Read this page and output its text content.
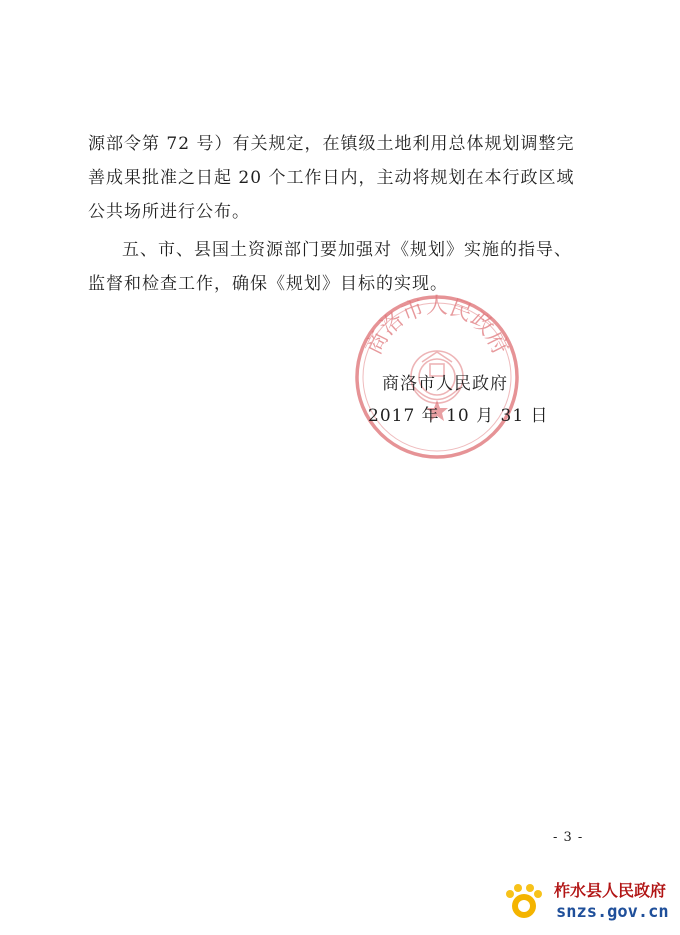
源部令第 72 号）有关规定，在镇级土地利用总体规划调整完善成果批准之日起 20 个工作日内，主动将规划在本行政区域公共场所进行公布。

五、市、县国土资源部门要加强对《规划》实施的指导、监督和检查工作，确保《规划》目标的实现。

商洛市人民政府
商洛市人民政府
2017 年 10 月 31 日
- 3 -
柞水县人民政府
snzs.gov.cn
